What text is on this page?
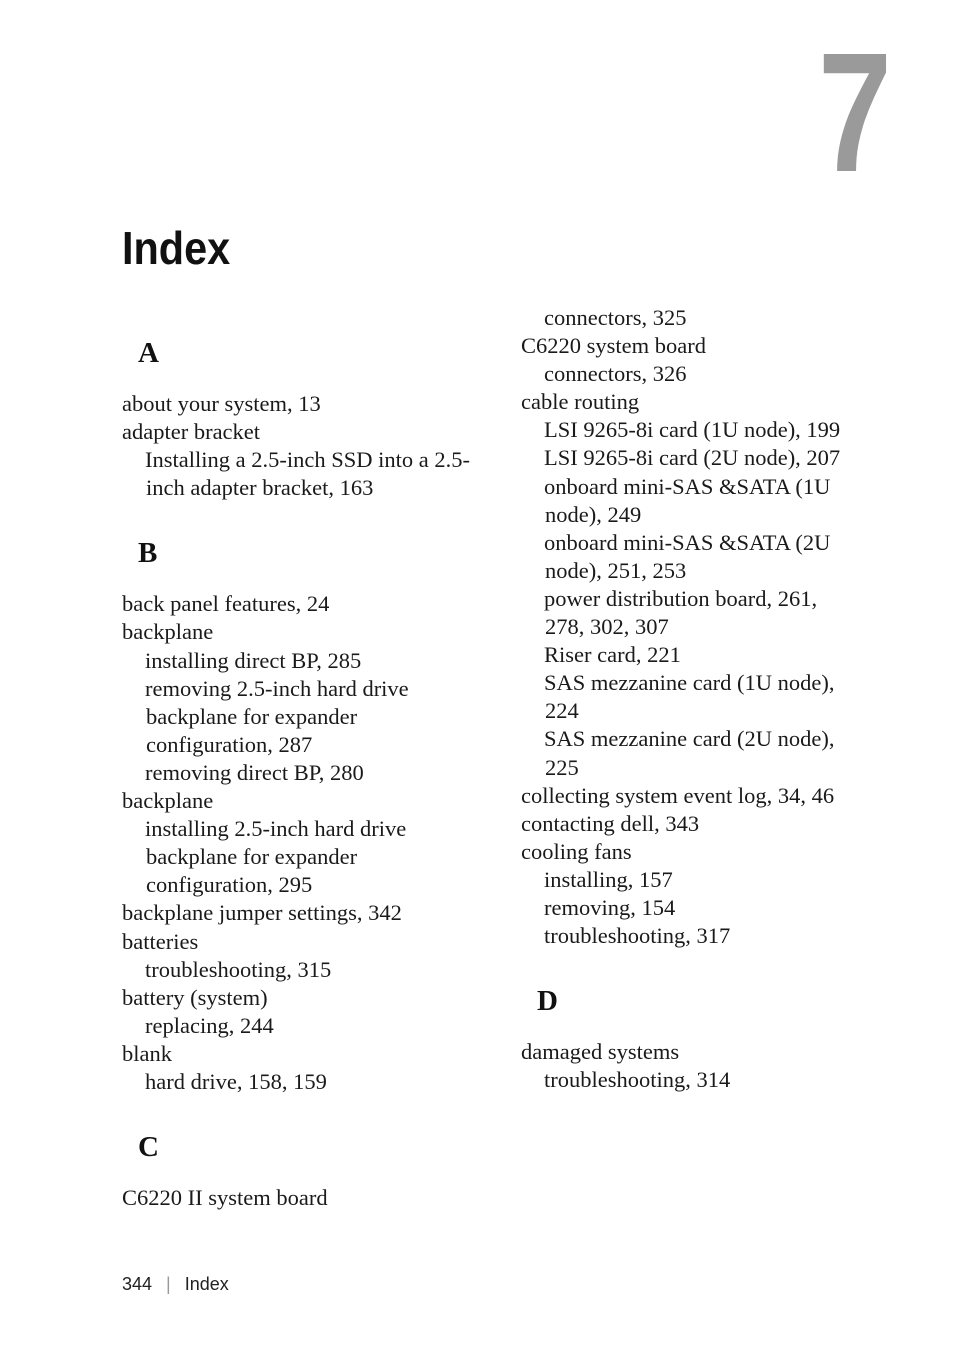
7
Index
A
about your system, 13
adapter bracket
Installing a 2.5-inch SSD into a 2.5-inch adapter bracket, 163
B
back panel features, 24
backplane
installing direct BP, 285
removing 2.5-inch hard drive backplane for expander configuration, 287
removing direct BP, 280
backplane
installing 2.5-inch hard drive backplane for expander configuration, 295
backplane jumper settings, 342
batteries
troubleshooting, 315
battery (system)
replacing, 244
blank
hard drive, 158, 159
C
C6220 II system board
connectors, 325
C6220 system board
connectors, 326
cable routing
LSI 9265-8i card (1U node), 199
LSI 9265-8i card (2U node), 207
onboard mini-SAS &SATA (1U node), 249
onboard mini-SAS &SATA (2U node), 251, 253
power distribution board, 261, 278, 302, 307
Riser card, 221
SAS mezzanine card (1U node), 224
SAS mezzanine card (2U node), 225
collecting system event log, 34, 46
contacting dell, 343
cooling fans
installing, 157
removing, 154
troubleshooting, 317
D
damaged systems
troubleshooting, 314
344 | Index
